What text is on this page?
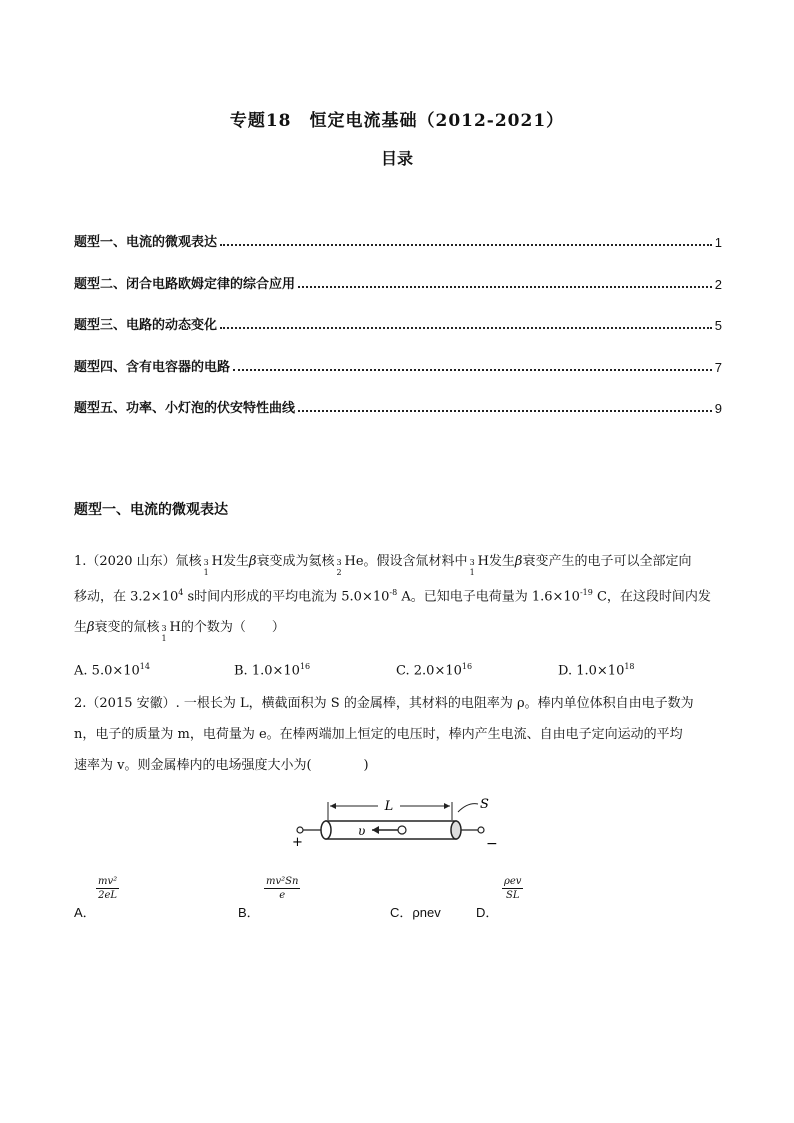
专题18　恒定电流基础（2012-2021）
目录
题型一、电流的微观表达	1
题型二、闭合电路欧姆定律的综合应用	2
题型三、电路的动态变化	5
题型四、含有电容器的电路	7
题型五、功率、小灯泡的伏安特性曲线	9
题型一、电流的微观表达

1.（2020 山东）氚核 3
1
H发生β衰变成为氦核 3
2
He。假设含氚材料中 3
1
H发生β衰变产生的电子可以全部定向

移动，在 $3.2\times 10^4$ s时间内形成的平均电流为 $5.0\times 10^{-8}$ A。已知电子电荷量为 $1.6\times 10^{-19}$ C，在这段时间内发

生β衰变的氚核 3
1
H的个数为（　　）

A. $5.0\times 10^{14}$	B. $1.0\times 10^{16}$	C. $2.0\times 10^{16}$	D. $1.0\times 10^{18}$

2.（2015 安徽）. 一根长为 L，横截面积为 S 的金属棒，其材料的电阻率为 ρ。棒内单位体积自由电子数为

n，电子的质量为 m，电荷量为 e。在棒两端加上恒定的电压时，棒内产生电流、自由电子定向运动的平均

速率为 v。则金属棒内的电场强度大小为(　　　　)

L	S
υ
+	−
$\frac{\text{mv²}}{2eL}$
A．
$\frac{\text{mv²Sn}}{e}$
B．	C．ρnev
ρev
SL
D．
